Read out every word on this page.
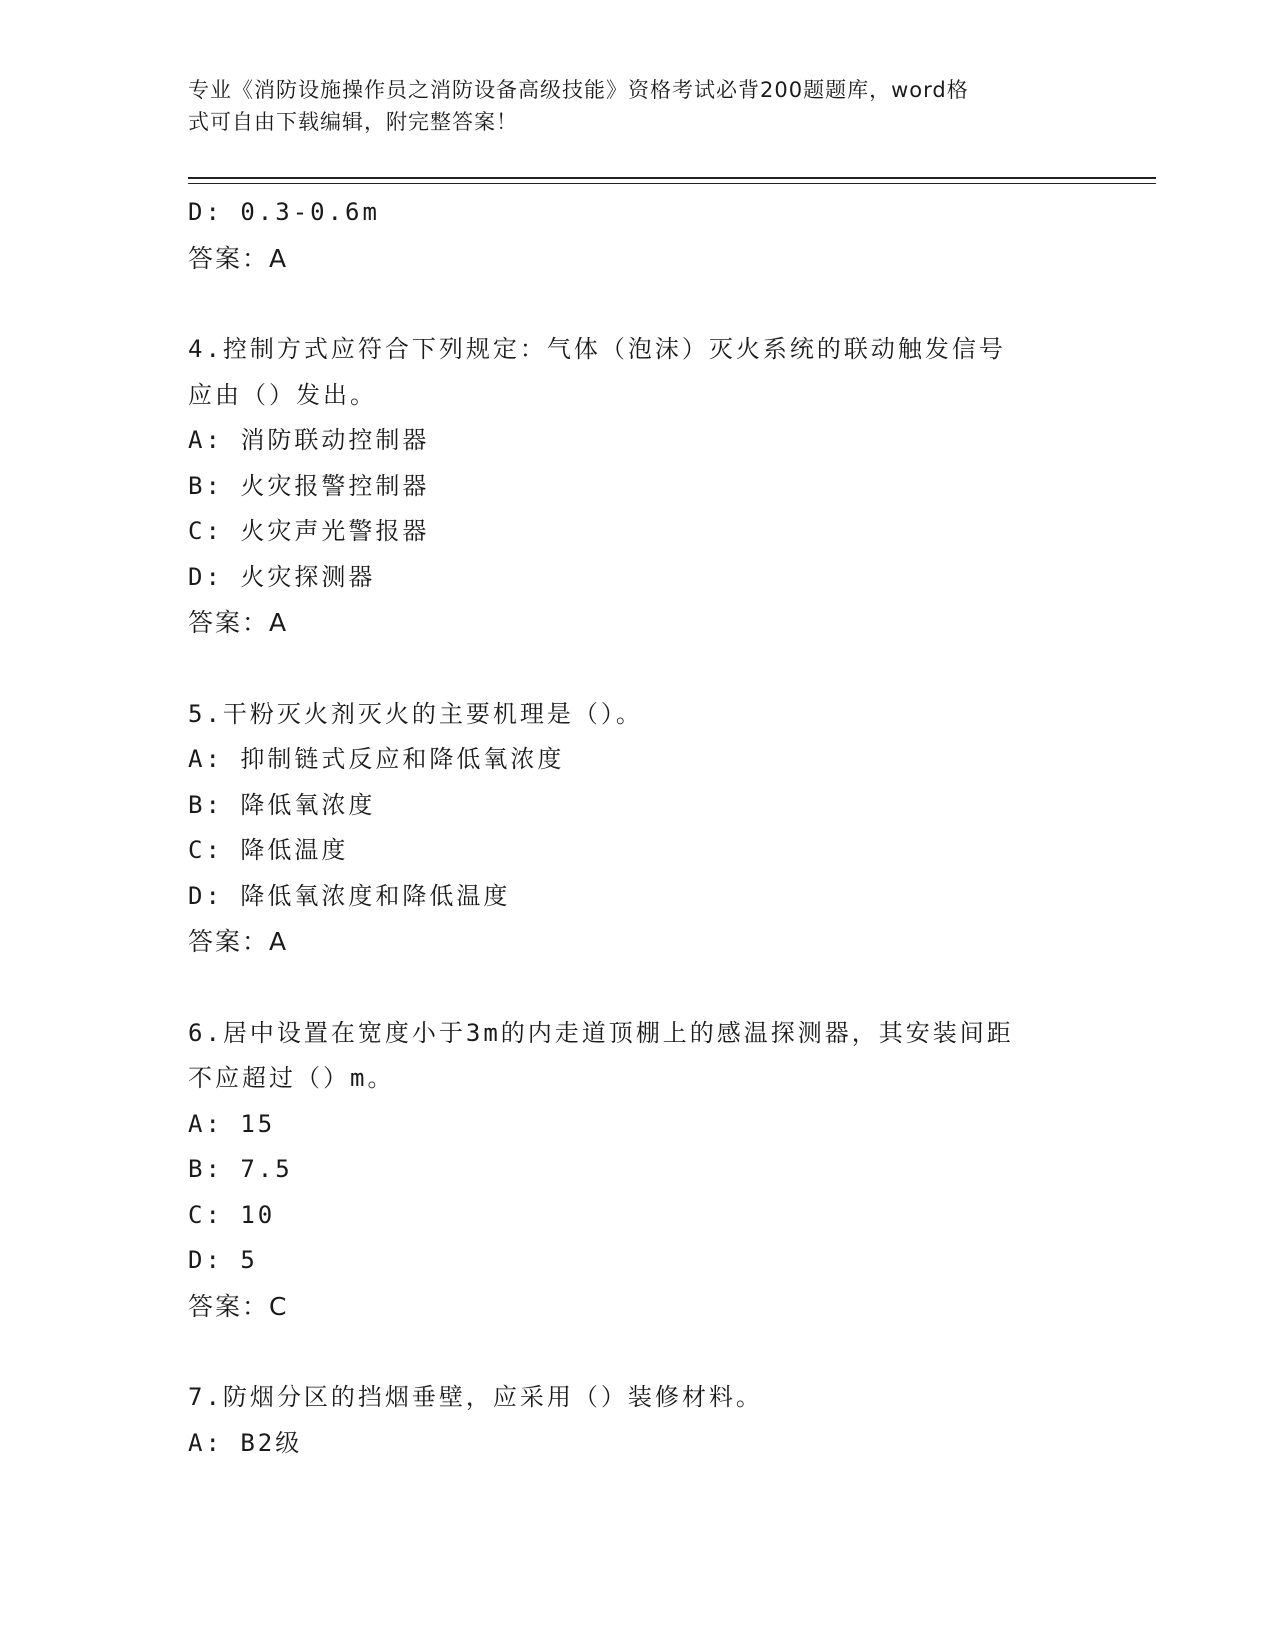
专业《消防设施操作员之消防设备高级技能》资格考试必背200题题库，word格
式可自由下载编辑，附完整答案！
D: 0.3-0.6m
答案：A
4.控制方式应符合下列规定：气体（泡沫）灭火系统的联动触发信号
应由（）发出。
A: 消防联动控制器
B: 火灾报警控制器
C: 火灾声光警报器
D: 火灾探测器
答案：A
5.干粉灭火剂灭火的主要机理是（）。
A: 抑制链式反应和降低氧浓度
B: 降低氧浓度
C: 降低温度
D: 降低氧浓度和降低温度
答案：A
6.居中设置在宽度小于3m的内走道顶棚上的感温探测器，其安装间距
不应超过（）m。
A: 15
B: 7.5
C: 10
D: 5
答案：C
7.防烟分区的挡烟垂壁，应采用（）装修材料。
A: B2级
